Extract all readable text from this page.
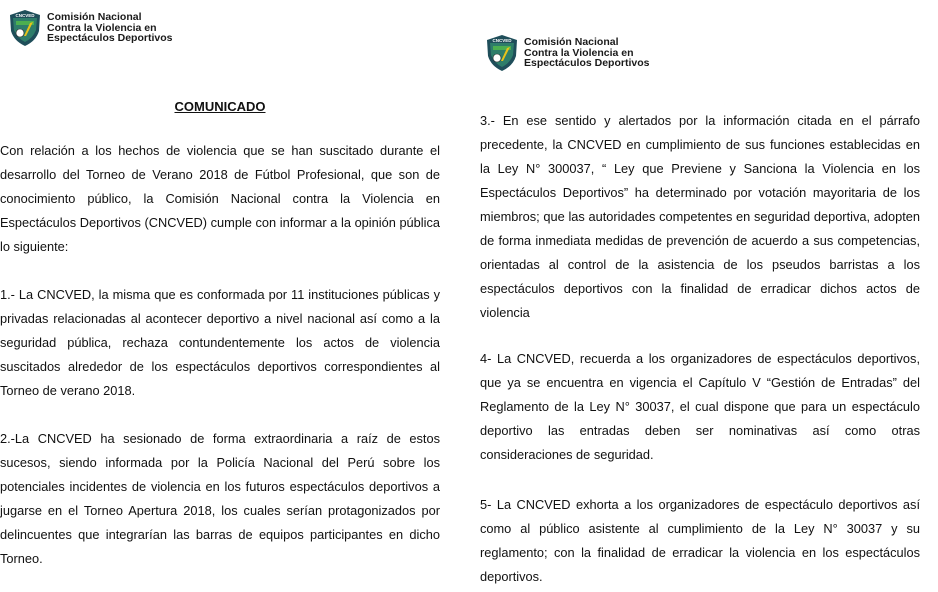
CNCVED Comisión Nacional
Contra la Violencia en
Espectáculos Deportivos	CNCVED Comisión Nacional
Contra la Violencia en
Espectáculos Deportivos
COMUNICADO

Con relación a los hechos de violencia que se han suscitado durante el desarrollo del Torneo de Verano 2018 de Fútbol Profesional, que son de conocimiento público, la Comisión Nacional contra la Violencia en Espectáculos Deportivos (CNCVED) cumple con informar a la opinión pública lo siguiente:

1.- La CNCVED, la misma que es conformada por 11 instituciones públicas y privadas relacionadas al acontecer deportivo a nivel nacional así como a la seguridad pública, rechaza contundentemente los actos de violencia suscitados alrededor de los espectáculos deportivos correspondientes al Torneo de verano 2018.

2.-La CNCVED ha sesionado de forma extraordinaria a raíz de estos sucesos, siendo informada por la Policía Nacional del Perú sobre los potenciales incidentes de violencia en los futuros espectáculos deportivos a jugarse en el Torneo Apertura 2018, los cuales serían protagonizados por delincuentes que integrarían las barras de equipos participantes en dicho Torneo.

3.- En ese sentido y alertados por la información citada en el párrafo precedente, la CNCVED en cumplimiento de sus funciones establecidas en la Ley N° 300037, “ Ley que Previene y Sanciona la Violencia en los Espectáculos Deportivos” ha determinado por votación mayoritaria de los miembros; que las autoridades competentes en seguridad deportiva, adopten de forma inmediata medidas de prevención de acuerdo a sus competencias, orientadas al control de la asistencia de los pseudos barristas a los espectáculos deportivos con la finalidad de erradicar dichos actos de violencia

4- La CNCVED, recuerda a los organizadores de espectáculos deportivos, que ya se encuentra en vigencia el Capítulo V “Gestión de Entradas” del Reglamento de la Ley N° 30037, el cual dispone que para un espectáculo deportivo las entradas deben ser nominativas así como otras consideraciones de seguridad.

5- La CNCVED exhorta a los organizadores de espectáculo deportivos así como al público asistente al cumplimiento de la Ley N° 30037 y su reglamento; con la finalidad de erradicar la violencia en los espectáculos deportivos.
